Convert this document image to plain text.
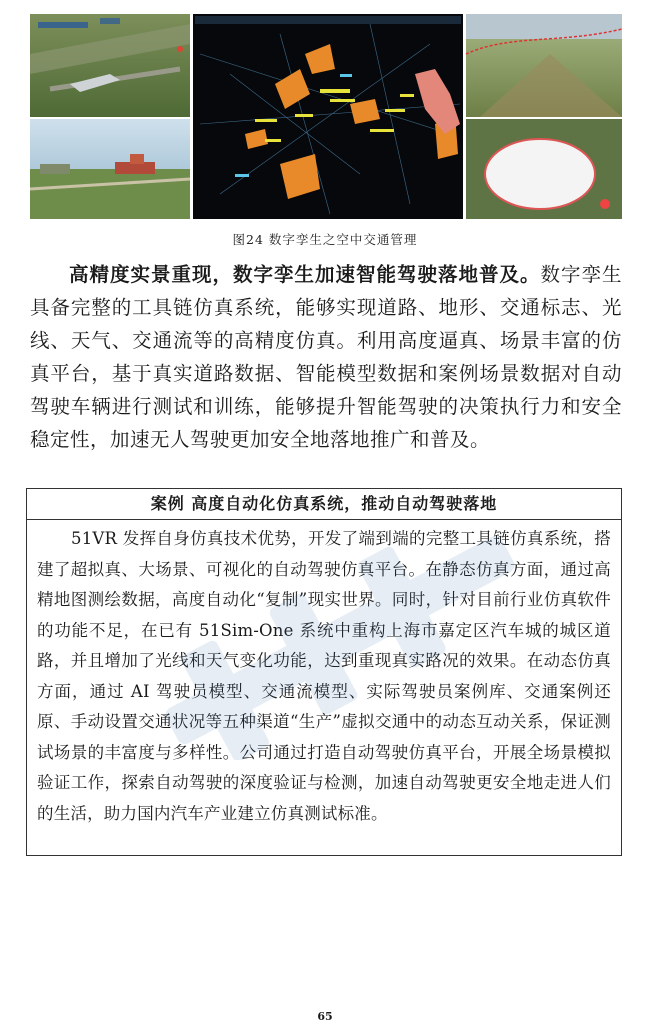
图24 数字孪生之空中交通管理

高精度实景重现，数字孪生加速智能驾驶落地普及。数字孪生具备完整的工具链仿真系统，能够实现道路、地形、交通标志、光线、天气、交通流等的高精度仿真。利用高度逼真、场景丰富的仿真平台，基于真实道路数据、智能模型数据和案例场景数据对自动驾驶车辆进行测试和训练，能够提升智能驾驶的决策执行力和安全稳定性，加速无人驾驶更加安全地落地推广和普及。

案例 高度自动化仿真系统，推动自动驾驶落地

51VR 发挥自身仿真技术优势，开发了端到端的完整工具链仿真系统，搭建了超拟真、大场景、可视化的自动驾驶仿真平台。在静态仿真方面，通过高精地图测绘数据，高度自动化“复制”现实世界。同时，针对目前行业仿真软件的功能不足，在已有 51Sim-One 系统中重构上海市嘉定区汽车城的城区道路，并且增加了光线和天气变化功能，达到重现真实路况的效果。在动态仿真方面，通过 AI 驾驶员模型、交通流模型、实际驾驶员案例库、交通案例还原、手动设置交通状况等五种渠道“生产”虚拟交通中的动态互动关系，保证测试场景的丰富度与多样性。公司通过打造自动驾驶仿真平台，开展全场景模拟验证工作，探索自动驾驶的深度验证与检测，加速自动驾驶更安全地走进人们的生活，助力国内汽车产业建立仿真测试标准。

65
